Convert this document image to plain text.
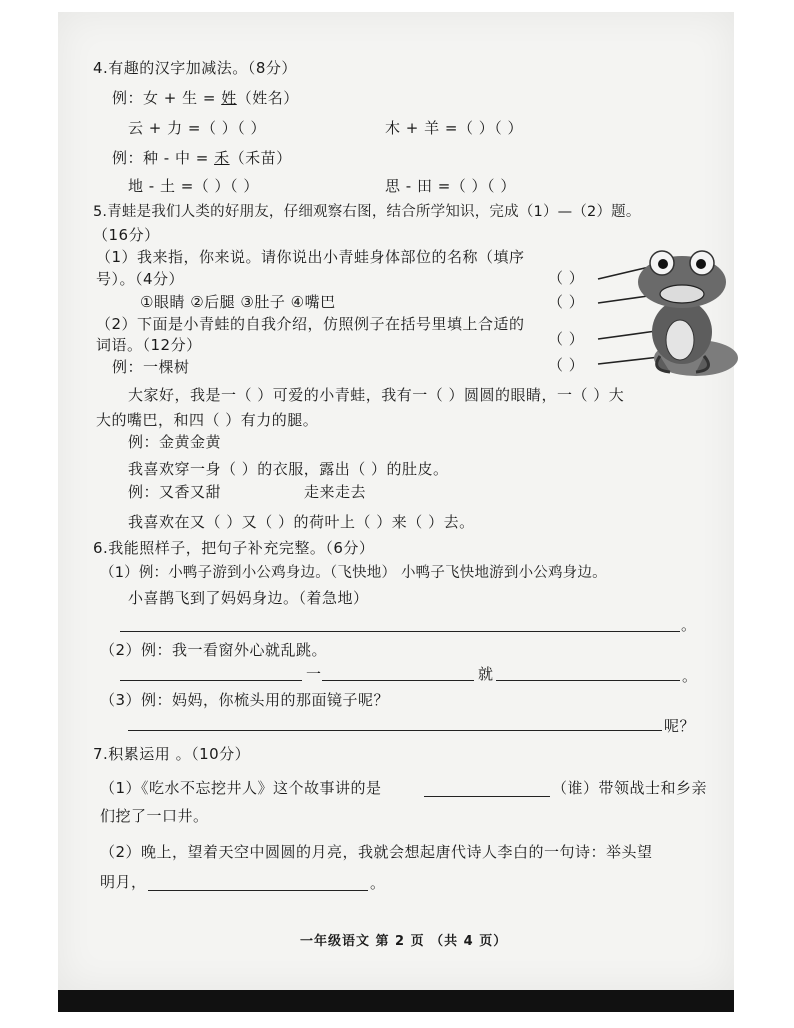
4.有趣的汉字加减法。（8分）
例：女 + 生 = 姓（姓名）
云 + 力 =（ ）（ ）	木 + 羊 =（ ）（ ）
例：种 - 中 = 禾（禾苗）
地 - 土 =（ ）（ ）	思 - 田 =（ ）（ ）
5.青蛙是我们人类的好朋友，仔细观察右图，结合所学知识，完成（1）—（2）题。
（16分）
（1）我来指，你来说。请你说出小青蛙身体部位的名称（填序
号）。（4分）
①眼睛 ②后腿 ③肚子 ④嘴巴
（2）下面是小青蛙的自我介绍，仿照例子在括号里填上合适的
词语。（12分）
例：一棵树
（ ）
（ ）
（ ）
（ ）
大家好，我是一（ ）可爱的小青蛙，我有一（ ）圆圆的眼睛，一（ ）大
大的嘴巴，和四（ ）有力的腿。
例：金黄金黄
我喜欢穿一身（ ）的衣服，露出（ ）的肚皮。
例：又香又甜	走来走去
我喜欢在又（ ）又（ ）的荷叶上（ ）来（ ）去。
6.我能照样子，把句子补充完整。（6分）
（1）例：小鸭子游到小公鸡身边。（飞快地） 小鸭子飞快地游到小公鸡身边。
小喜鹊飞到了妈妈身边。（着急地）
。
（2）例：我一看窗外心就乱跳。
一	就	。
（3）例：妈妈，你梳头用的那面镜子呢？
呢？
7.积累运用 。（10分）
（1）《吃水不忘挖井人》这个故事讲的是	（谁）带领战士和乡亲
们挖了一口井。
（2）晚上，望着天空中圆圆的月亮，我就会想起唐代诗人李白的一句诗：举头望
明月，	。
一年级语文 第 2 页 （共 4 页）
